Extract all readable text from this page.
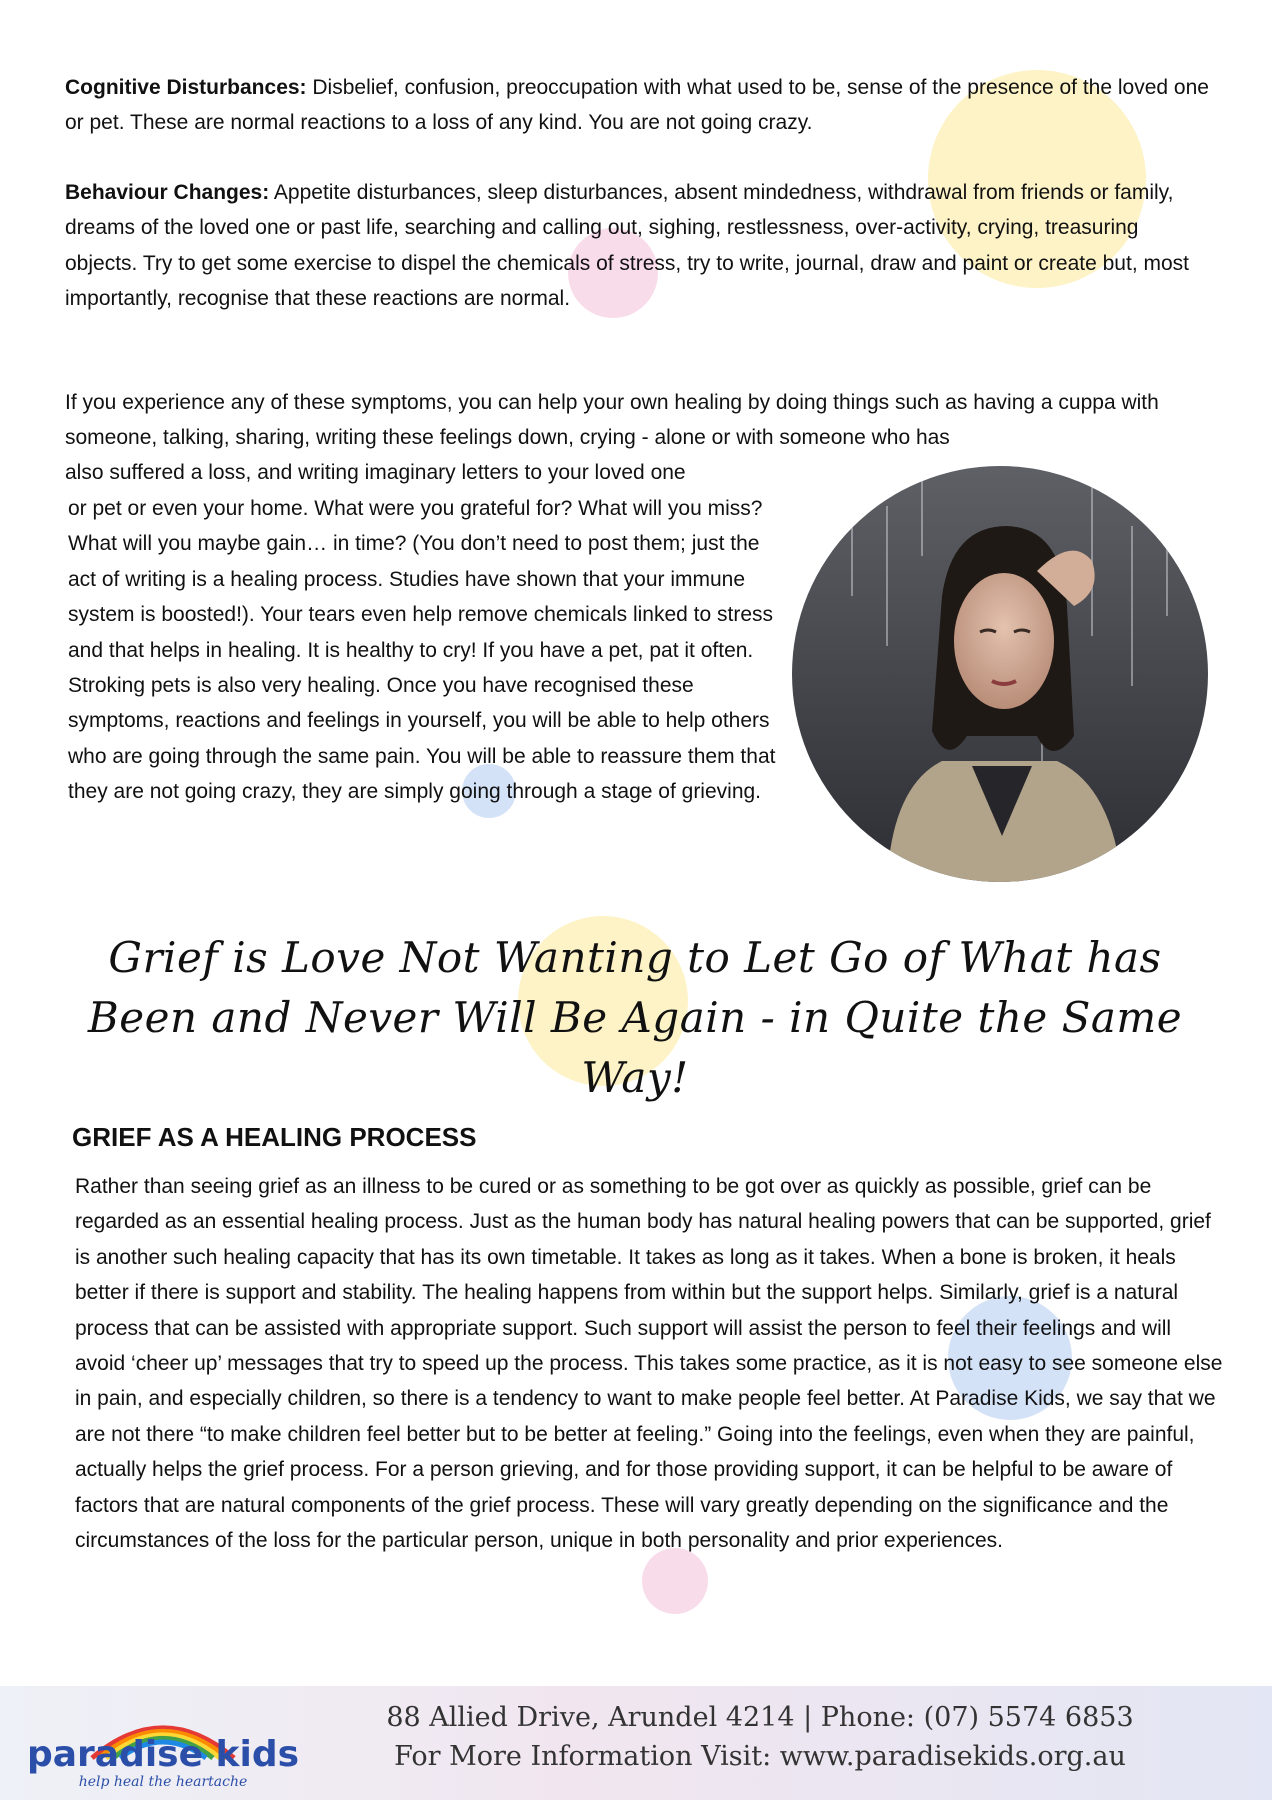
Cognitive Disturbances: Disbelief, confusion, preoccupation with what used to be, sense of the presence of the loved one or pet. These are normal reactions to a loss of any kind. You are not going crazy.

Behaviour Changes: Appetite disturbances, sleep disturbances, absent mindedness, withdrawal from friends or family, dreams of the loved one or past life, searching and calling out, sighing, restlessness, over-activity, crying, treasuring objects. Try to get some exercise to dispel the chemicals of stress, try to write, journal, draw and paint or create but, most importantly, recognise that these reactions are normal.

If you experience any of these symptoms, you can help your own healing by doing things such as having a cuppa with someone, talking, sharing, writing these feelings down, crying - alone or with someone who has

also suffered a loss, and writing imaginary letters to your loved one

or pet or even your home. What were you grateful for? What will you miss? What will you maybe gain… in time? (You don’t need to post them; just the act of writing is a healing process. Studies have shown that your immune system is boosted!). Your tears even help remove chemicals linked to stress and that helps in healing. It is healthy to cry! If you have a pet, pat it often. Stroking pets is also very healing. Once you have recognised these symptoms, reactions and feelings in yourself, you will be able to help others who are going through the same pain. You will be able to reassure them that they are not going crazy, they are simply going through a stage of grieving.

Grief is Love Not Wanting to Let Go of What has Been and Never Will Be Again - in Quite the Same Way!

GRIEF AS A HEALING PROCESS

Rather than seeing grief as an illness to be cured or as something to be got over as quickly as possible, grief can be regarded as an essential healing process. Just as the human body has natural healing powers that can be supported, grief is another such healing capacity that has its own timetable. It takes as long as it takes. When a bone is broken, it heals better if there is support and stability. The healing happens from within but the support helps. Similarly, grief is a natural process that can be assisted with appropriate support. Such support will assist the person to feel their feelings and will avoid ‘cheer up’ messages that try to speed up the process. This takes some practice, as it is not easy to see someone else in pain, and especially children, so there is a tendency to want to make people feel better. At Paradise Kids, we say that we are not there “to make children feel better but to be better at feeling.” Going into the feelings, even when they are painful, actually helps the grief process. For a person grieving, and for those providing support, it can be helpful to be aware of factors that are natural components of the grief process. These will vary greatly depending on the significance and the circumstances of the loss for the particular person, unique in both personality and prior experiences.

paradise kids
help heal the heartache
88 Allied Drive, Arundel 4214 | Phone: (07) 5574 6853
For More Information Visit: www.paradisekids.org.au
